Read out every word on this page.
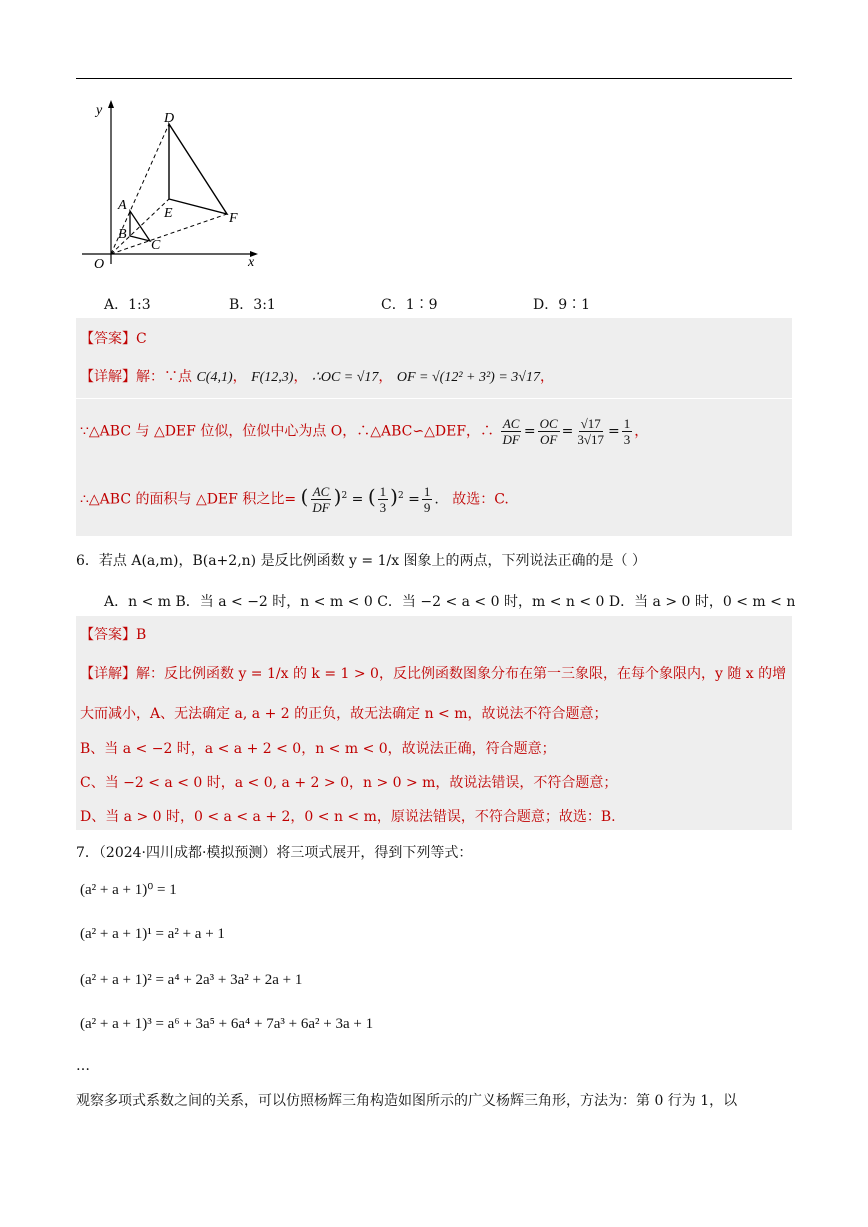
y
x
O
D
E	F
A
B
C
A．1:3	B．3:1	C．1∶9	D．9∶1
【答案】C
【详解】解：∵点 C(4,1)， F(12,3)， ∴OC = √17， OF = √(12² + 3²) = 3√17，
∵△ABC 与 △DEF 位似，位似中心为点 O，∴△ABC∽△DEF，∴ $\frac{AC}{DF} = \frac{OC}{OF} = \frac{√17}{3√17} = \frac{1}{3}$ ，
∴△ABC 的面积与 △DEF 积之比= ( $\frac{AC}{DF} )^2$ = ( $\frac{1}{3} )^2 = \frac{1}{9}$ . 故选：C.
6．若点 A(a,m)，B(a+2,n) 是反比例函数 y = 1/x 图象上的两点，下列说法正确的是（ ）
A．n < m B．当 a < −2 时，n < m < 0 C．当 −2 < a < 0 时，m < n < 0 D．当 a > 0 时，0 < m < n
【答案】B
【详解】解：反比例函数 y = 1/x 的 k = 1 > 0，反比例函数图象分布在第一三象限，在每个象限内，y 随 x 的增
大而减小，A、无法确定 a, a + 2 的正负，故无法确定 n < m，故说法不符合题意；
B、当 a < −2 时，a < a + 2 < 0，n < m < 0，故说法正确，符合题意；
C、当 −2 < a < 0 时，a < 0, a + 2 > 0，n > 0 > m，故说法错误，不符合题意；
D、当 a > 0 时，0 < a < a + 2，0 < n < m，原说法错误，不符合题意；故选：B.
7．（2024·四川成都·模拟预测）将三项式展开，得到下列等式：
(a² + a + 1)⁰ = 1
(a² + a + 1)¹ = a² + a + 1
(a² + a + 1)² = a⁴ + 2a³ + 3a² + 2a + 1
(a² + a + 1)³ = a⁶ + 3a⁵ + 6a⁴ + 7a³ + 6a² + 3a + 1
…
观察多项式系数之间的关系，可以仿照杨辉三角构造如图所示的广义杨辉三角形，方法为：第 0 行为 1，以
